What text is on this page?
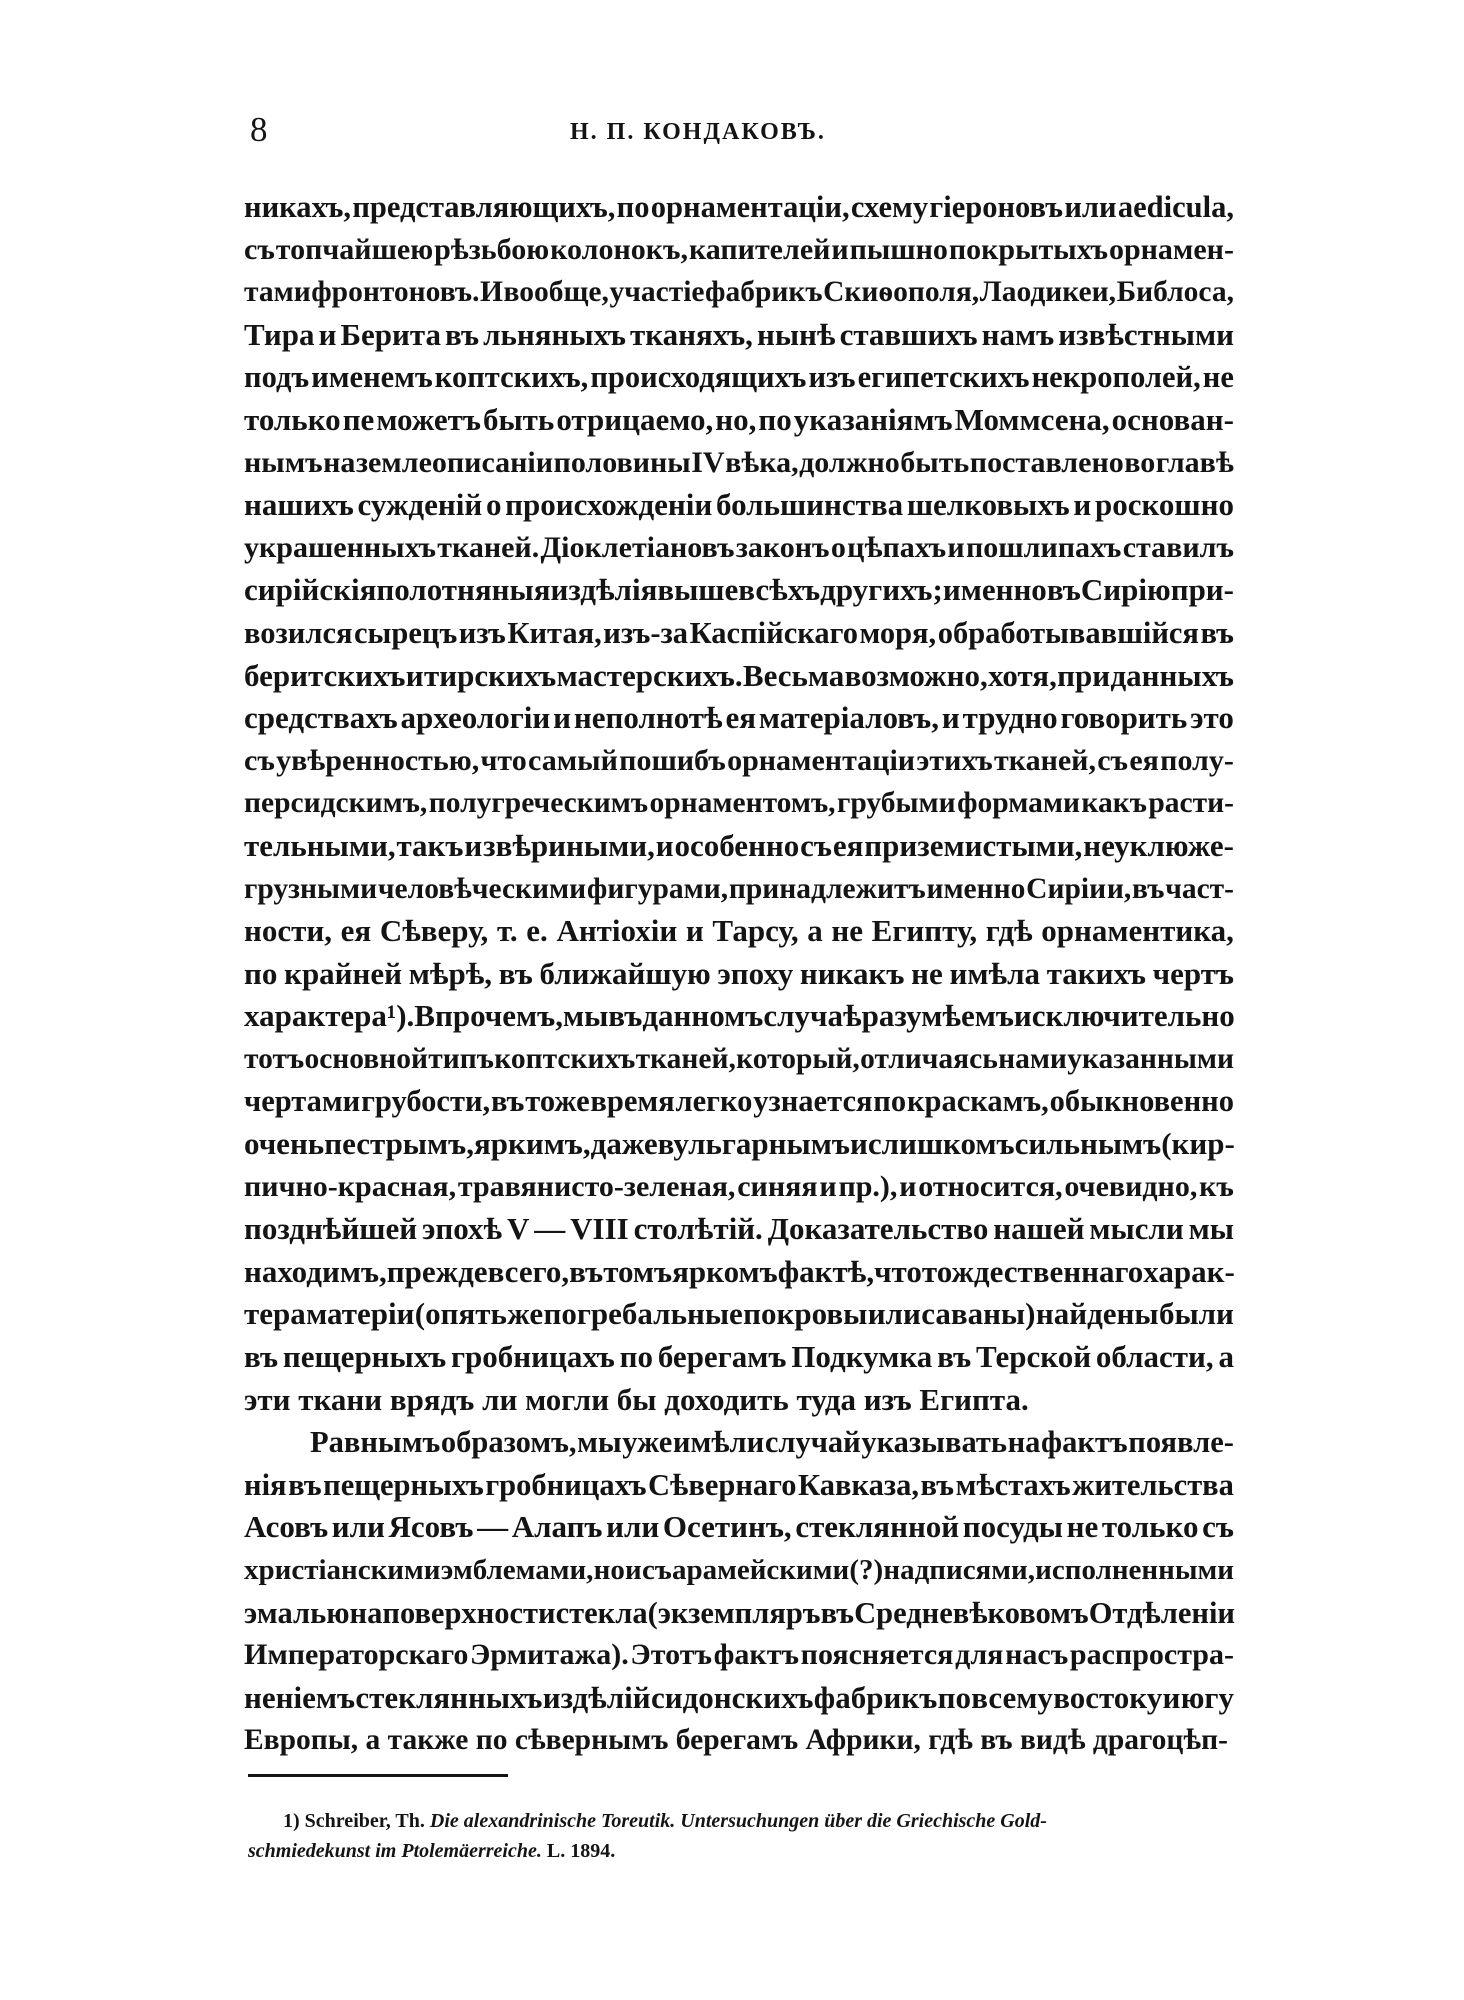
8	Н. П. КОНДАКОВЪ.
никахъ, представляющихъ, по орнаментаціи, схему гіероновъ или aedicula,
съ топчайшею рѣзьбою колонокъ, капителей и пышно покрытыхъ орнамен-
тами фронтоновъ. И вообще, участіе фабрикъ Скиѳополя, Лаодикеи, Библоса,
Тира и Берита въ льняныхъ тканяхъ, нынѣ ставшихъ намъ извѣстными
подъ именемъ коптскихъ, происходящихъ изъ египетскихъ некрополей, не
только пе можетъ быть отрицаемо, но, по указаніямъ Моммсена, основан-
нымъ на землеописаніи половины IV вѣка, должно быть поставлено во главѣ
нашихъ сужденій о происхожденіи большинства шелковыхъ и роскошно
украшенныхъ тканей. Діоклетіановъ законъ о цѣпахъ и пошлипахъ ставилъ
сирійскія полотняныя издѣлія выше всѣхъ другихъ; именно въ Сирію при-
возился сырецъ изъ Китая, изъ-за Каспійскаго моря, обработывавшійся въ
беритскихъ и тирскихъ мастерскихъ. Весьма возможно, хотя, при данныхъ
средствахъ археологіи и неполнотѣ ея матеріаловъ, и трудно говорить это
съ увѣренностью, что самый пошибъ орнаментаціи этихъ тканей, съ ея полу-
персидскимъ, полугреческимъ орнаментомъ, грубыми формами какъ расти-
тельными, такъ и звѣриными, и особенно съ ея приземистыми, неуклюже-
грузными человѣческими фигурами, принадлежитъ именно Сиріи и, въ част-
ности, ея Сѣверу, т. е. Антіохіи и Тарсу, а не Египту, гдѣ орнаментика,
по крайней мѣрѣ, въ ближайшую эпоху никакъ не имѣла такихъ чертъ
характера¹). Впрочемъ, мы въ данномъ случаѣ разумѣемъ исключительно
тотъ основной типъ коптскихъ тканей, который, отличаясь нами указанными
чертами грубости, въ тоже время легко узнается по краскамъ, обыкновенно
очень пестрымъ, яркимъ, даже вульгарнымъ и слишкомъ сильнымъ (кир-
пично-красная, травянисто-зеленая, синяя и пр.), и относится, очевидно, къ
позднѣйшей эпохѣ V — VIII столѣтій. Доказательство нашей мысли мы
находимъ, прежде всего, въ томъ яркомъ фактѣ, что тождественнаго харак-
тера матеріи (опять же погребальные покровы или саваны) найдены были
въ пещерныхъ гробницахъ по берегамъ Подкумка въ Терской области, а
эти ткани врядъ ли могли бы доходить туда изъ Египта.
Равнымъ образомъ, мы уже имѣли случай указывать на фактъ появле-
нія въ пещерныхъ гробницахъ Сѣвернаго Кавказа, въ мѣстахъ жительства
Асовъ или Ясовъ — Алапъ или Осетинъ, стеклянной посуды не только съ
христіанскими эмблемами, но и съ арамейскими (?) надписями, исполненными
эмалью на поверхности стекла (экземпляръ въ Средневѣковомъ Отдѣленіи
Императорскаго Эрмитажа). Этотъ фактъ поясняется для насъ распростра-
неніемъ стеклянныхъ издѣлій сидонскихъ фабрикъ по всему востоку и югу
Европы, а также по сѣвернымъ берегамъ Африки, гдѣ въ видѣ драгоцѣп-
1) Schreiber, Th. Die alexandrinische Toreutik. Untersuchungen über die Griechische Gold-
schmiedekunst im Ptolemäerreiche.
L. 1894.
